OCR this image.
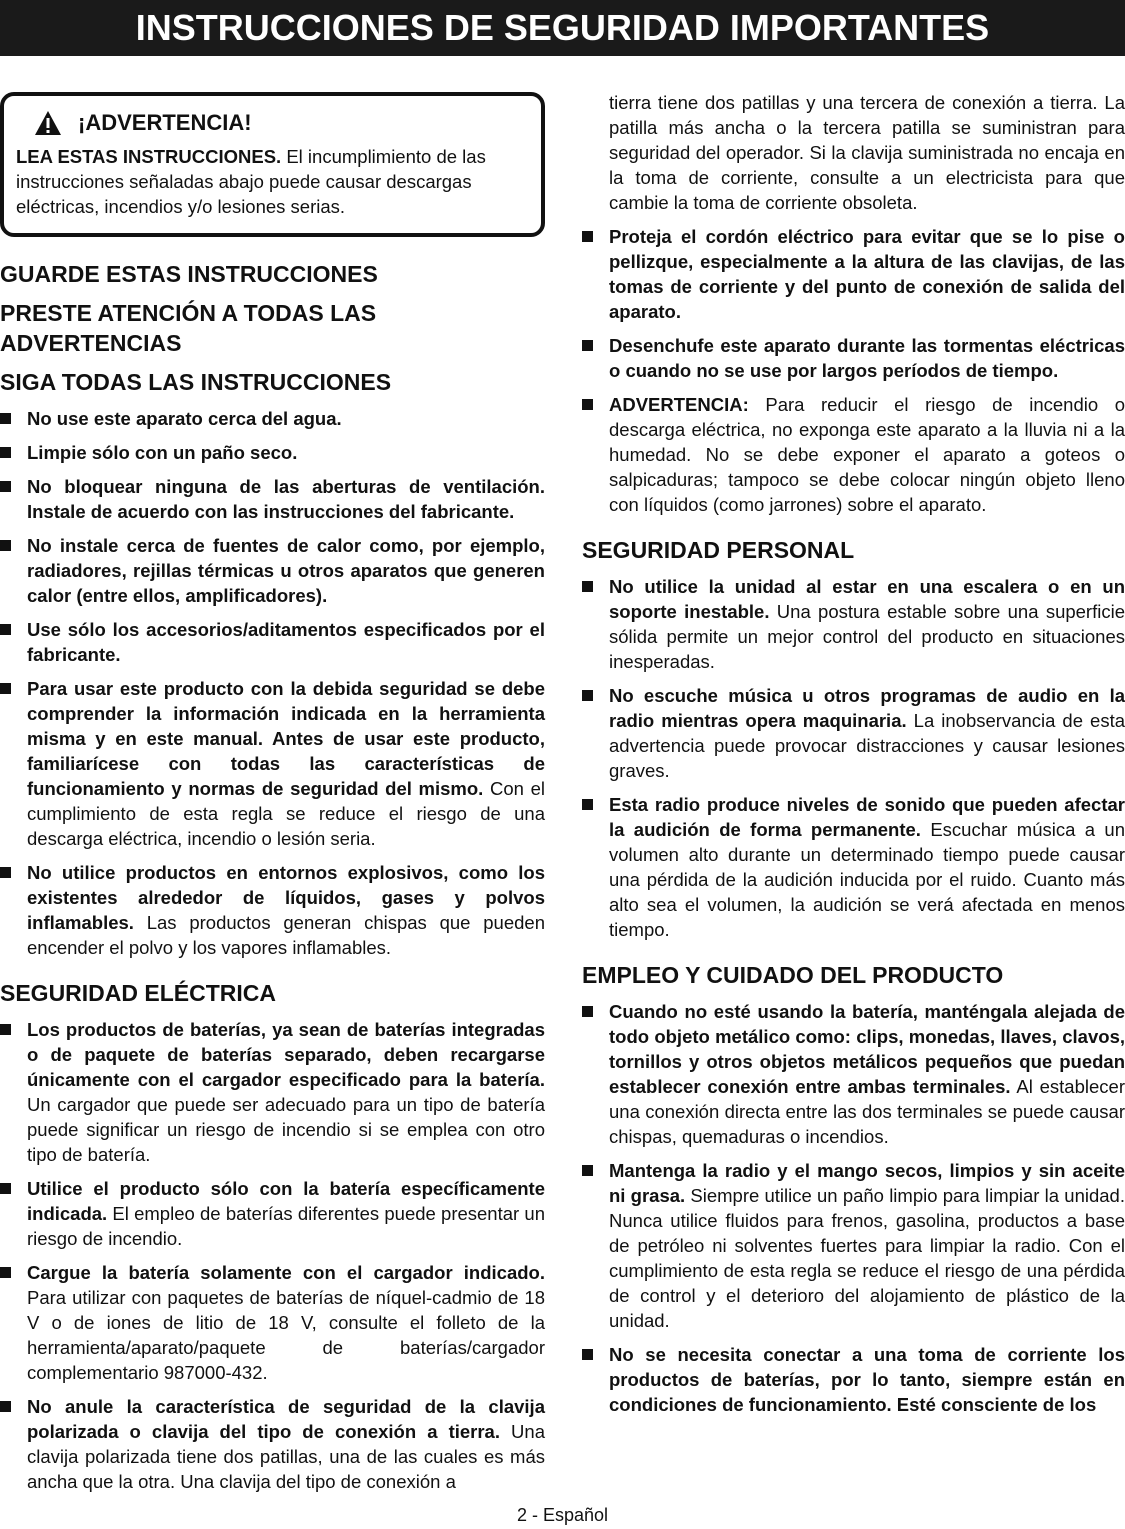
INSTRUCCIONES DE SEGURIDAD IMPORTANTES
¡ADVERTENCIA!
LEA ESTAS INSTRUCCIONES. El incumplimiento de las instrucciones señaladas abajo puede causar descargas eléctricas, incendios y/o lesiones serias.
GUARDE ESTAS INSTRUCCIONES
PRESTE ATENCIÓN A TODAS LAS ADVERTENCIAS
SIGA TODAS LAS INSTRUCCIONES
No use este aparato cerca del agua.
Limpie sólo con un paño seco.
No bloquear ninguna de las aberturas de ventilación. Instale de acuerdo con las instrucciones del fabricante.
No instale cerca de fuentes de calor como, por ejemplo, radiadores, rejillas térmicas u otros aparatos que generen calor (entre ellos, amplificadores).
Use sólo los accesorios/aditamentos especificados por el fabricante.
Para usar este producto con la debida seguridad se debe comprender la información indicada en la herramienta misma y en este manual. Antes de usar este producto, familiarícese con todas las características de funcionamiento y normas de seguridad del mismo. Con el cumplimiento de esta regla se reduce el riesgo de una descarga eléctrica, incendio o lesión seria.
No utilice productos en entornos explosivos, como los existentes alrededor de líquidos, gases y polvos inflamables. Las productos generan chispas que pueden encender el polvo y los vapores inflamables.
SEGURIDAD ELÉCTRICA
Los productos de baterías, ya sean de baterías integradas o de paquete de baterías separado, deben recargarse únicamente con el cargador especificado para la batería. Un cargador que puede ser adecuado para un tipo de batería puede significar un riesgo de incendio si se emplea con otro tipo de batería.
Utilice el producto sólo con la batería específicamente indicada. El empleo de baterías diferentes puede presentar un riesgo de incendio.
Cargue la batería solamente con el cargador indicado. Para utilizar con paquetes de baterías de níquel-cadmio de 18 V o de iones de litio de 18 V, consulte el folleto de la herramienta/aparato/paquete de baterías/cargador complementario 987000-432.
No anule la característica de seguridad de la clavija polarizada o clavija del tipo de conexión a tierra. Una clavija polarizada tiene dos patillas, una de las cuales es más ancha que la otra. Una clavija del tipo de conexión a
tierra tiene dos patillas y una tercera de conexión a tierra. La patilla más ancha o la tercera patilla se suministran para seguridad del operador. Si la clavija suministrada no encaja en la toma de corriente, consulte a un electricista para que cambie la toma de corriente obsoleta.
Proteja el cordón eléctrico para evitar que se lo pise o pellizque, especialmente a la altura de las clavijas, de las tomas de corriente y del punto de conexión de salida del aparato.
Desenchufe este aparato durante las tormentas eléctricas o cuando no se use por largos períodos de tiempo.
ADVERTENCIA: Para reducir el riesgo de incendio o descarga eléctrica, no exponga este aparato a la lluvia ni a la humedad. No se debe exponer el aparato a goteos o salpicaduras; tampoco se debe colocar ningún objeto lleno con líquidos (como jarrones) sobre el aparato.
SEGURIDAD PERSONAL
No utilice la unidad al estar en una escalera o en un soporte inestable. Una postura estable sobre una superficie sólida permite un mejor control del producto en situaciones inesperadas.
No escuche música u otros programas de audio en la radio mientras opera maquinaria. La inobservancia de esta advertencia puede provocar distracciones y causar lesiones graves.
Esta radio produce niveles de sonido que pueden afectar la audición de forma permanente. Escuchar música a un volumen alto durante un determinado tiempo puede causar una pérdida de la audición inducida por el ruido. Cuanto más alto sea el volumen, la audición se verá afectada en menos tiempo.
EMPLEO Y CUIDADO DEL PRODUCTO
Cuando no esté usando la batería, manténgala alejada de todo objeto metálico como: clips, monedas, llaves, clavos, tornillos y otros objetos metálicos pequeños que puedan establecer conexión entre ambas terminales. Al establecer una conexión directa entre las dos terminales se puede causar chispas, quemaduras o incendios.
Mantenga la radio y el mango secos, limpios y sin aceite ni grasa. Siempre utilice un paño limpio para limpiar la unidad. Nunca utilice fluidos para frenos, gasolina, productos a base de petróleo ni solventes fuertes para limpiar la radio. Con el cumplimiento de esta regla se reduce el riesgo de una pérdida de control y el deterioro del alojamiento de plástico de la unidad.
No se necesita conectar a una toma de corriente los productos de baterías, por lo tanto, siempre están en condiciones de funcionamiento. Esté consciente de los
2 - Español
